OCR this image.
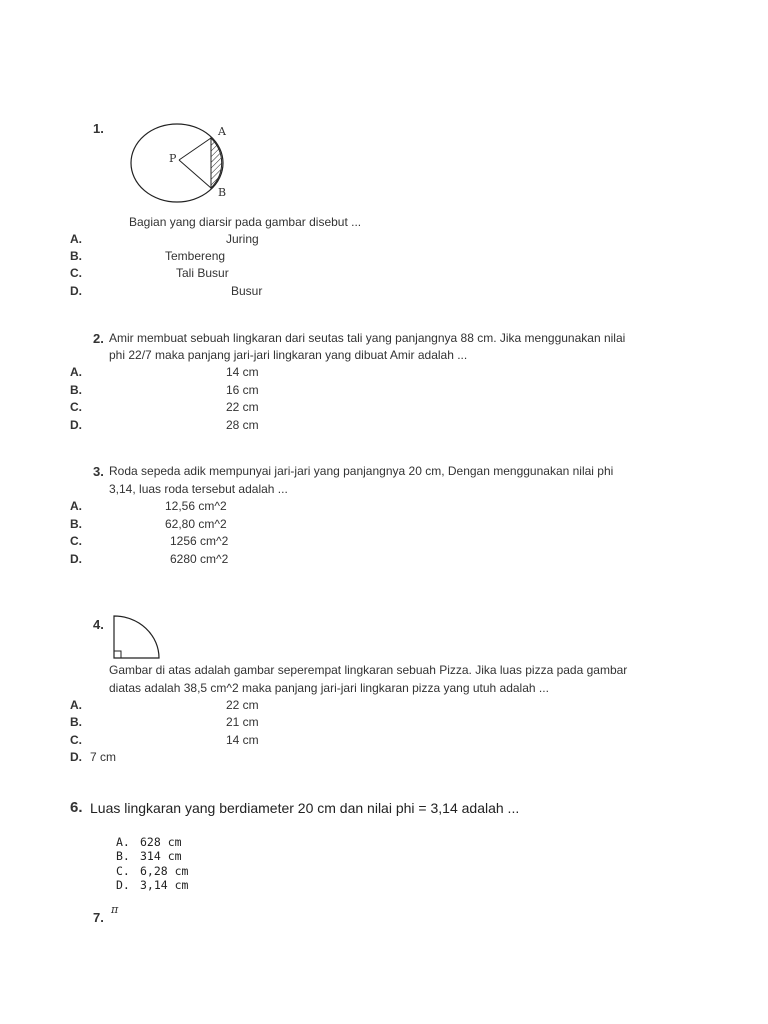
1.	A
P
B
Bagian yang diarsir pada gambar disebut ...
A.	Juring
B.	Tembereng
C.	Tali Busur
D.	Busur
2. Amir membuat sebuah lingkaran dari seutas tali yang panjangnya 88 cm. Jika menggunakan nilai
phi 22/7 maka panjang jari-jari lingkaran yang dibuat Amir adalah ...
A.	14 cm
B.	16 cm
C.	22 cm
D.	28 cm
3. Roda sepeda adik mempunyai jari-jari yang panjangnya 20 cm, Dengan menggunakan nilai phi
3,14, luas roda tersebut adalah ...
A.	12,56 cm^2
B.	62,80 cm^2
C.	1256 cm^2
D.	6280 cm^2
4.
Gambar di atas adalah gambar seperempat lingkaran sebuah Pizza. Jika luas pizza pada gambar
diatas adalah 38,5 cm^2 maka panjang jari-jari lingkaran pizza yang utuh adalah ...
A.	22 cm
B.	21 cm
C.	14 cm
D. 7 cm
6. Luas lingkaran yang berdiameter 20 cm dan nilai phi = 3,14 adalah ...
A. 628 cm
B. 314 cm
C. 6,28 cm
D. 3,14 cm
7.
π
